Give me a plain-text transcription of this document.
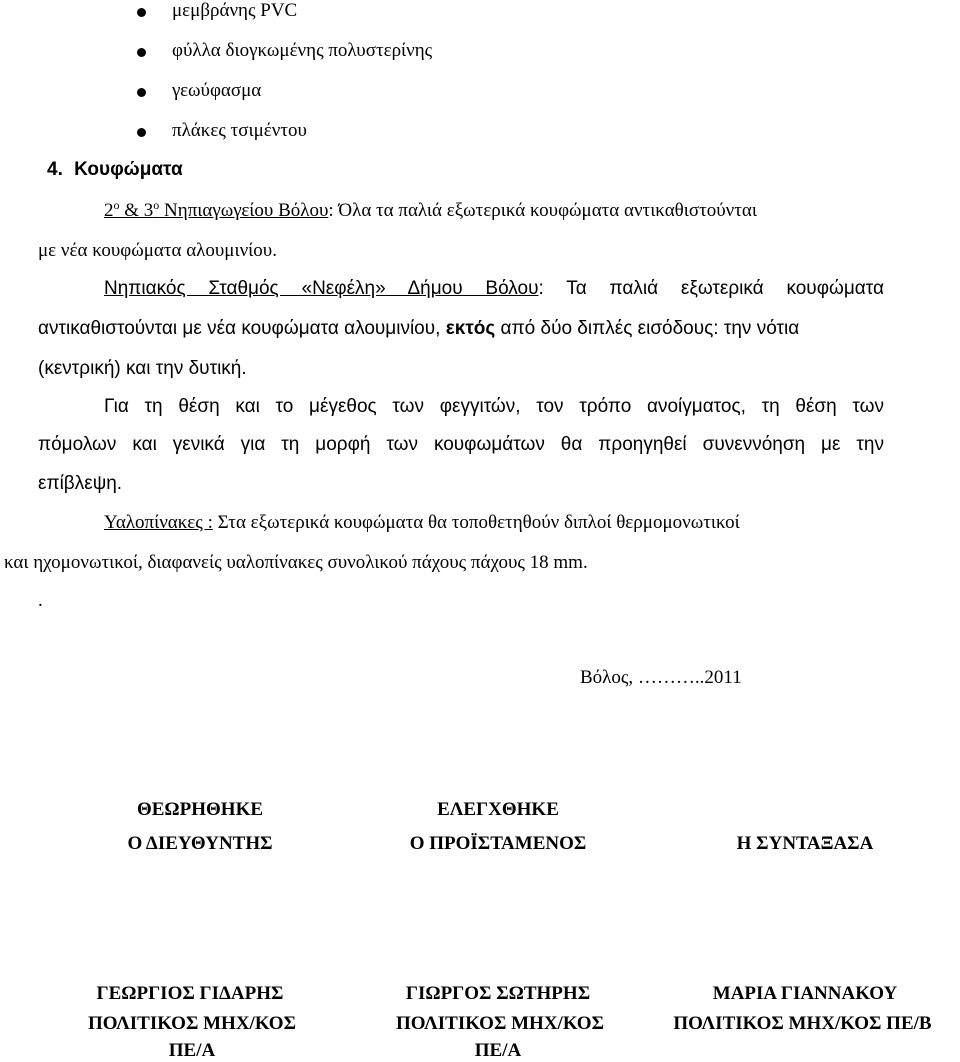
μεμβράνης PVC
φύλλα διογκωμένης πολυστερίνης
γεωύφασμα
πλάκες τσιμέντου
4. Κουφώματα
$2^o$ & $3^o$ Νηπιαγωγείου Βόλου: Όλα τα παλιά εξωτερικά κουφώματα αντικαθιστούνται
με νέα κουφώματα αλουμινίου.
Νηπιακός Σταθμός «Νεφέλη» Δήμου Βόλου: Τα παλιά εξωτερικά κουφώματα
αντικαθιστούνται με νέα κουφώματα αλουμινίου, εκτός από δύο διπλές εισόδους: την νότια
(κεντρική) και την δυτική.
Για τη θέση και το μέγεθος των φεγγιτών, τον τρόπο ανοίγματος, τη θέση των
πόμολων και γενικά για τη μορφή των κουφωμάτων θα προηγηθεί συνεννόηση με την
επίβλεψη.
Υαλοπίνακες : Στα εξωτερικά κουφώματα θα τοποθετηθούν διπλοί θερμομονωτικοί
και ηχομονωτικοί, διαφανείς υαλοπίνακες συνολικού πάχους πάχους 18 mm.
.
Βόλος, ………..2011
ΘΕΩΡΗΘΗΚΕ	ΕΛΕΓΧΘΗΚΕ
Ο ΔΙΕΥΘΥΝΤΗΣ	Ο ΠΡΟΪΣΤΑΜΕΝΟΣ	Η ΣΥΝΤΑΞΑΣΑ
ΓΕΩΡΓΙΟΣ ΓΙΔΑΡΗΣ	ΓΙΩΡΓΟΣ ΣΩΤΗΡΗΣ	ΜΑΡΙΑ ΓΙΑΝΝΑΚΟΥ
ΠΟΛΙΤΙΚΟΣ ΜΗΧ/ΚΟΣ	ΠΟΛΙΤΙΚΟΣ ΜΗΧ/ΚΟΣ	ΠΟΛΙΤΙΚΟΣ ΜΗΧ/ΚΟΣ ΠΕ/Β
ΠΕ/Α	ΠΕ/Α
